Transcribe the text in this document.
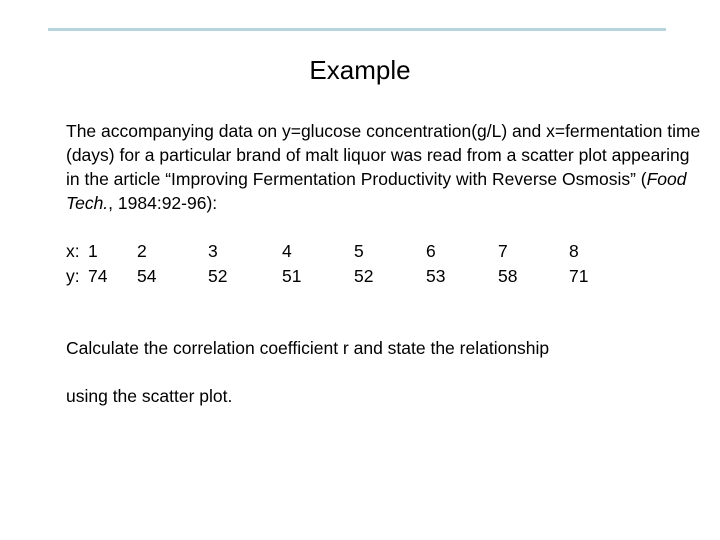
Example

The accompanying data on y=glucose concentration(g/L) and x=fermentation time (days) for a particular brand of malt liquor was read from a scatter plot appearing in the article “Improving Fermentation Productivity with Reverse Osmosis” (Food Tech., 1984:92-96):

x: 1 2	3	4	5	6	7	8
y: 74 54	52	51	52	53	58	71

Calculate the correlation coefficient r and state the relationship

using the scatter plot.
